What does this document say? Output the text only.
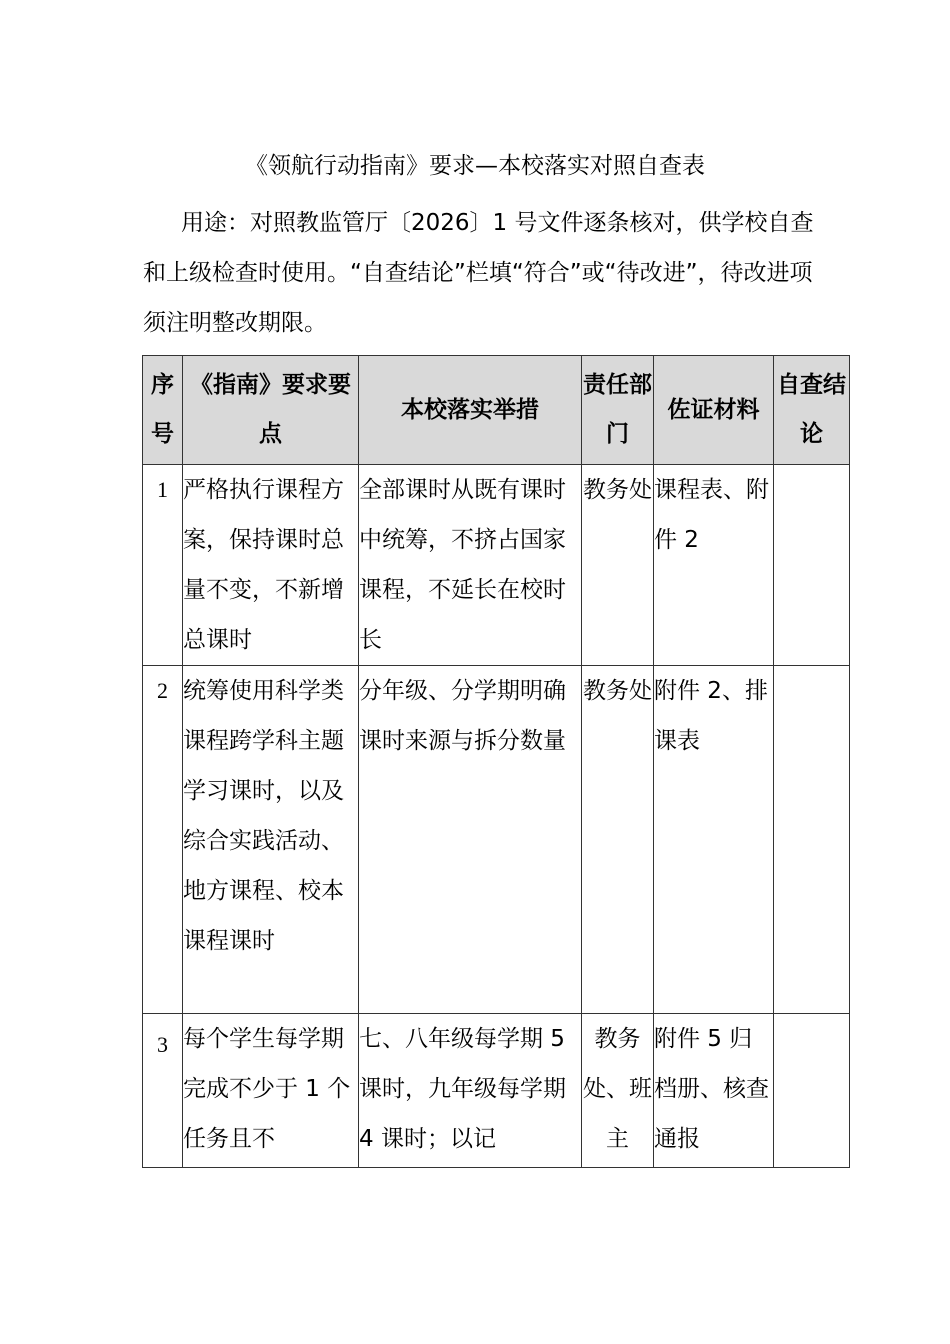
《领航行动指南》要求—本校落实对照自查表

用途：对照教监管厅〔2026〕1 号文件逐条核对，供学校自查和上级检查时使用。“自查结论”栏填“符合”或“待改进”，待改进项须注明整改期限。

序号	《指南》要求要点	本校落实举措	责任部门	佐证材料	自查结论
1	严格执行课程方案，保持课时总量不变，不新增总课时	全部课时从既有课时中统筹，不挤占国家课程，不延长在校时长	教务处	课程表、附件 2	
2	统筹使用科学类课程跨学科主题学习课时，以及综合实践活动、地方课程、校本课程课时	分年级、分学期明确课时来源与拆分数量	教务处	附件 2、排课表	
3	每个学生每学期完成不少于 1 个任务且不	七、八年级每学期 5 课时，九年级每学期 4 课时；以记	教务处、班主	附件 5 归档册、核查通报	
